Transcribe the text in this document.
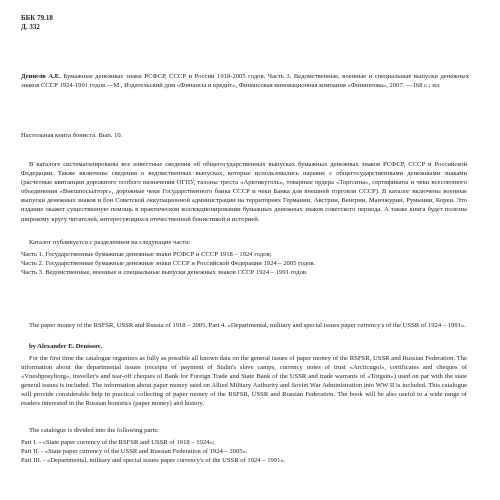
ББК 79.18
Д. 332

Денисов А.Е. Бумажные денежные знаки РСФСР, СССР и России 1918-2005 годов. Часть 3. Ведомственные, военные и специальные выпуски денежных знаков СССР 1924-1991 годов.—М., Издательский дом «Финансы и кредит», Финансовая инновационная компания «Финиппова», 2007. —168 с.; ил.

Настольная книга бониста. Вып. 10.

В каталоге систематизированы все известные сведения об общегосударственных выпусках бумажных денежных знаков РСФСР, СССР и Российской Федерации. Также включены сведения о ведомственных выпусках, которые использовались наравне с общегосударственными денежными знаками (расчетные квитанции дорожного особого назначения ОГПУ, талоны треста «Арктикуголь», товарные ордера «Торгсина», сертификаты и чеки всесоюзного объединения «Внешпосылторг», дорожные чеки Государственного банка СССР и чеки Банка для внешней торговли СССР). В каталог включены военные выпуски денежных знаков и бон Советской оккупационной администрации на территориях Германии, Австрии, Венгрии, Манчжурии, Румынии, Кореи. Это издание окажет существенную помощь в практическом коллекционировании бумажных денежных знаков советского периода. А также книга будет полезна широкому кругу читателей, интересующихся отечественной бонистикой и историей.

Каталог публикуется с разделением на следующие части:

Часть 1. Государственные бумажные денежные знаки РСФСР и СССР 1918 – 1924 годов;
Часть 2. Государственные бумажные денежные знаки СССР и Российской Федерации 1924 – 2005 годов.
Часть 3. Ведомственные, военные и специальные выпуски денежных знаков СССР 1924 – 1991 годов.

The paper money of the RSFSR, USSR and Russia of 1918 – 2005. Part 4. «Departmental, military and special issues paper currency's of the USSR of 1924 – 1991».

by Alexander E. Denissov.

For the first time the catalogue organizes as fully as possible all known data on the general issues of paper money of the RSFSR, USSR and Russian Federation. The information about the departmental issues (receipts of payment of Stalin's slave camps, currency notes of trust «Arcticugol», certificates and cheques of «Vneshposyltorg», traveller's and tear-off cheques of Bank for Foreign Trade and State Bank of the USSR and trade warrants of «Torgsin») used on par with the state general issues is included. The information about paper money used on Allied Military Authority and Soviet War Administration into WW II is included. This catalogue will provide considerable help in practical collecting of paper money of the RSFSR, USSR and Russian Federation. The book will be also useful to a wide range of readers interested in the Russian bonistics (paper money) and history.

The catalogue is divided into the following parts:

Part I. - «State paper currency of the RSFSR and USSR of 1918 – 1924»;
Part II. - «State paper currency of the USSR and Russian Federation of 1924 – 2005».
Part III. - «Departmental, military and special issues paper currency's of the USSR of 1924 – 1991».
